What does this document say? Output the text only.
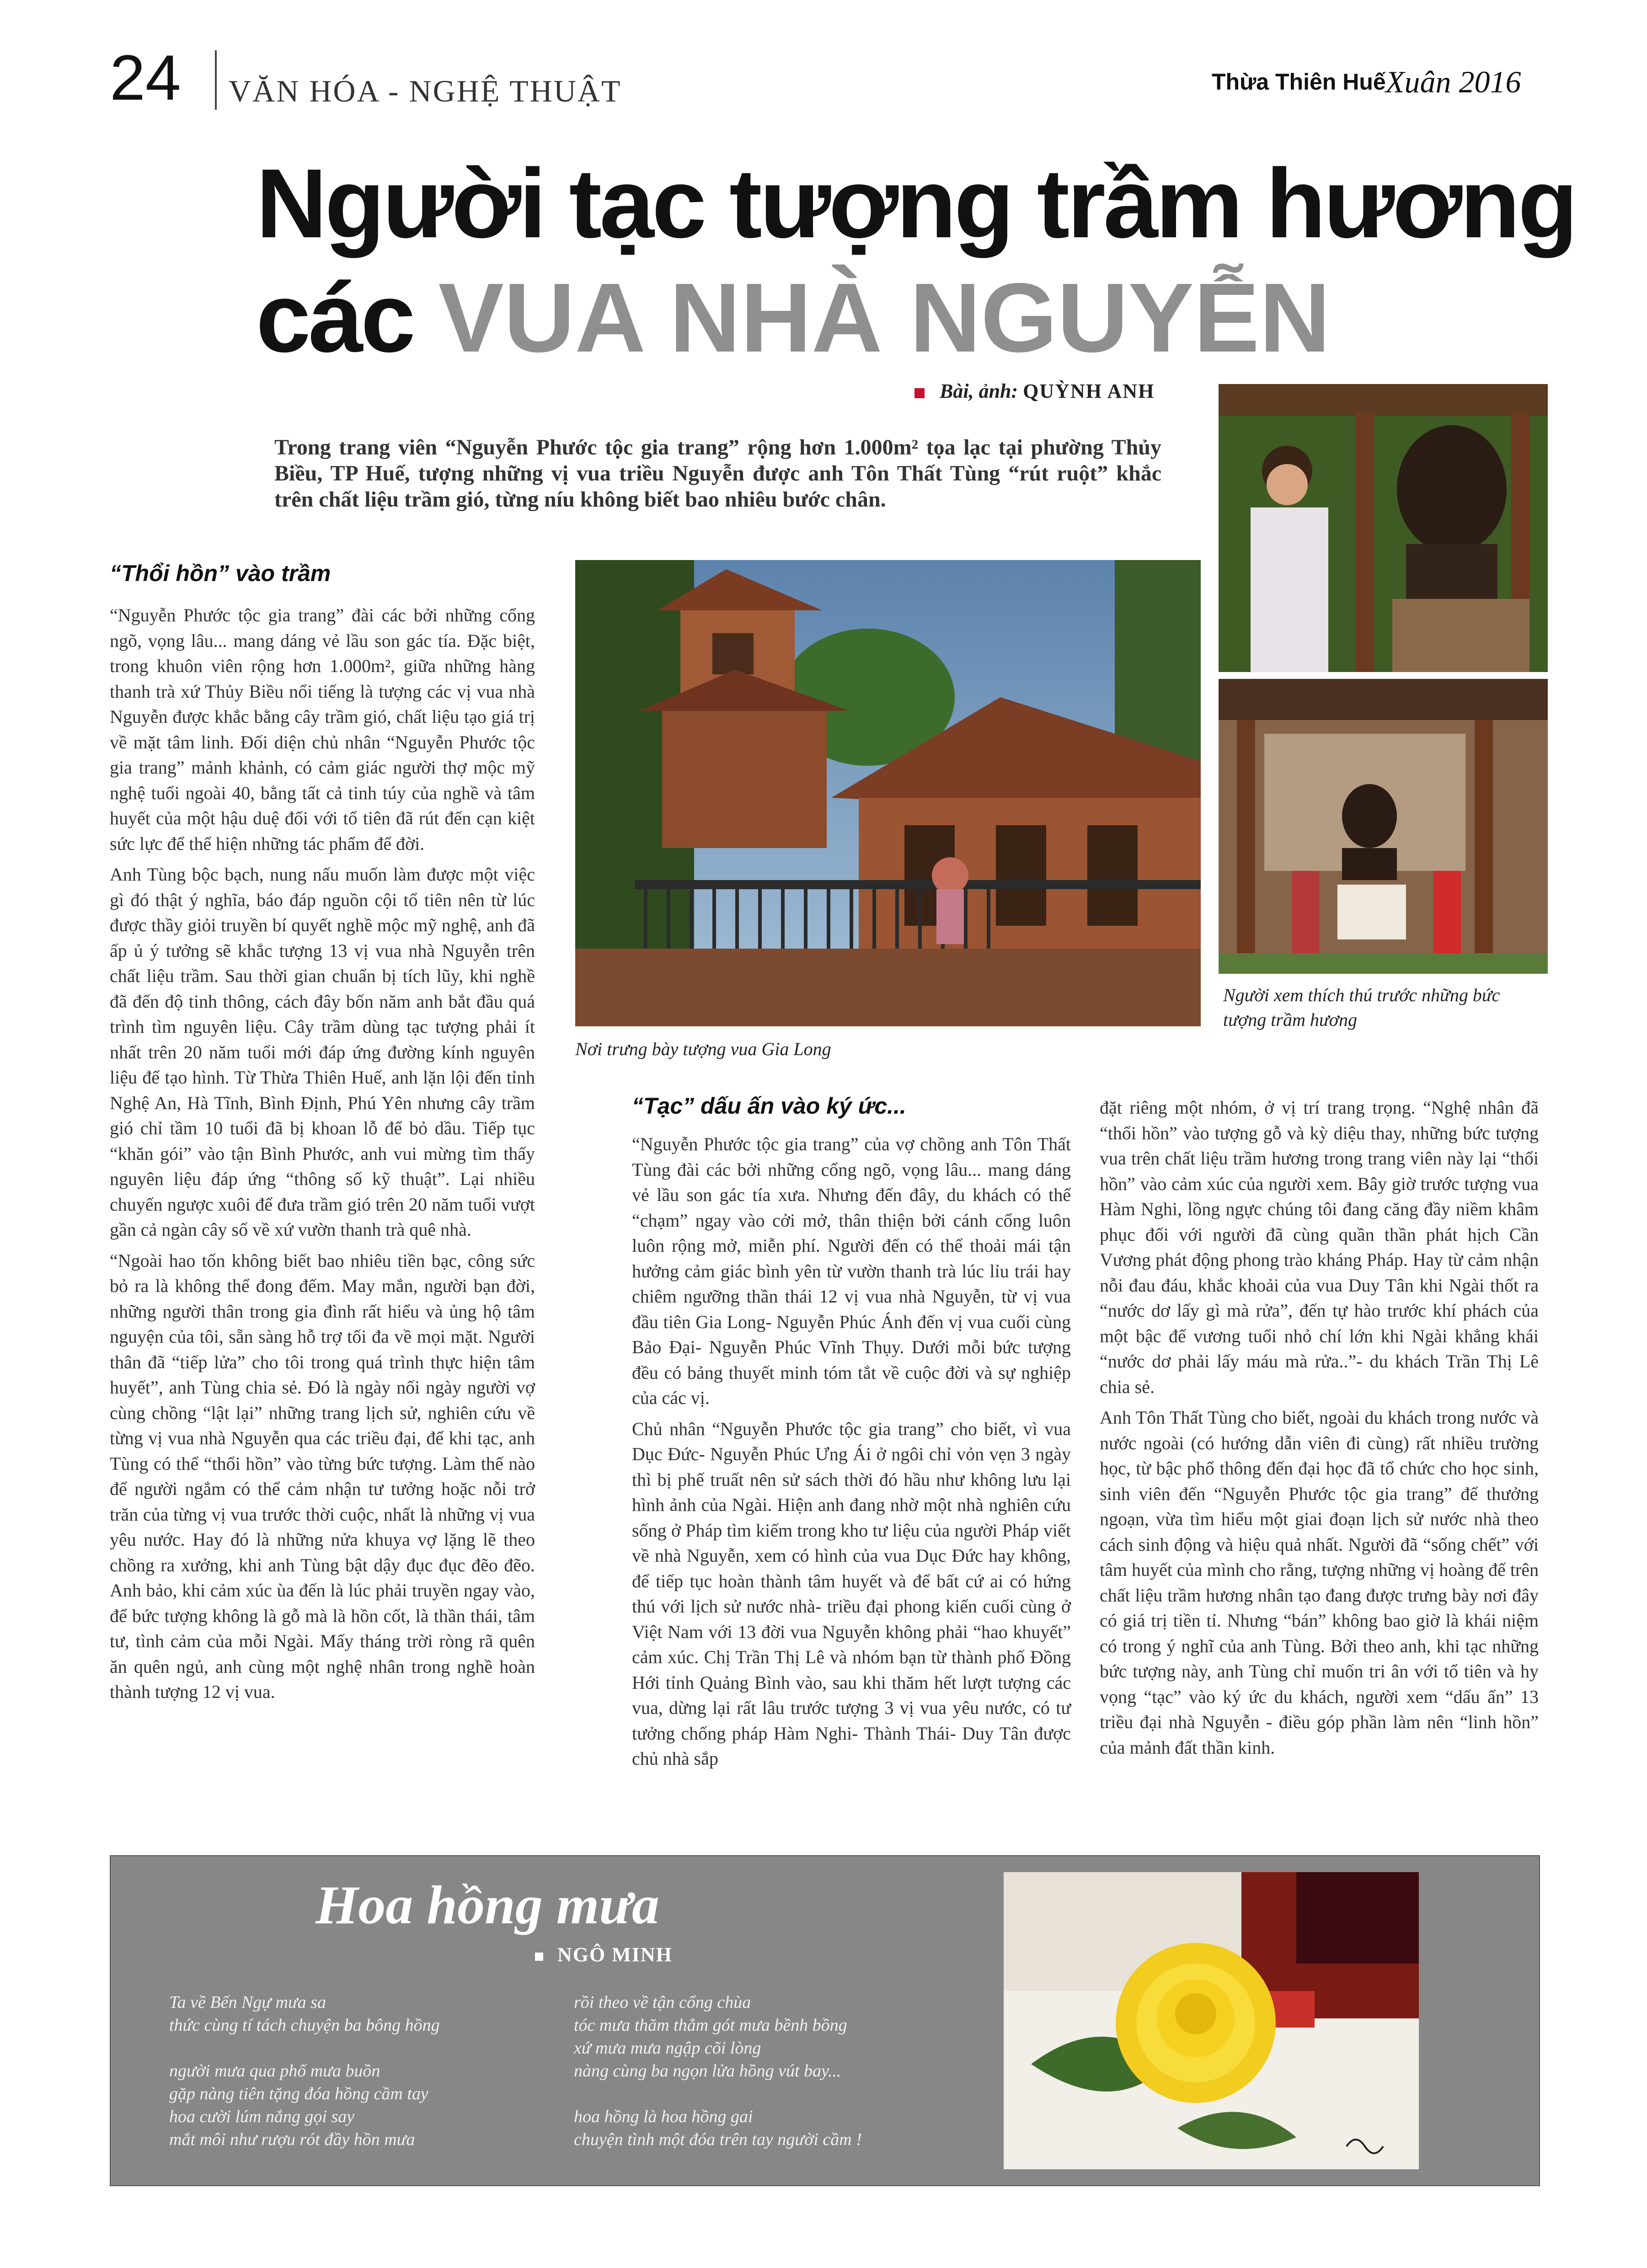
24 VĂN HÓA - NGHỆ THUẬT	Thừa Thiên Huế Xuân 2016
Người tạc tượng trầm hương
các VUA NHÀ NGUYỄN
Bài, ảnh: QUỲNH ANH
Trong trang viên “Nguyễn Phước tộc gia trang” rộng hơn 1.000m² tọa lạc tại phường Thủy Biều, TP Huế, tượng những vị vua triều Nguyễn được anh Tôn Thất Tùng “rút ruột” khắc trên chất liệu trầm gió, từng níu không biết bao nhiêu bước chân.
“Thổi hồn” vào trầm

“Nguyễn Phước tộc gia trang” đài các bởi những cổng ngõ, vọng lâu... mang dáng vẻ lầu son gác tía. Đặc biệt, trong khuôn viên rộng hơn 1.000m², giữa những hàng thanh trà xứ Thủy Biều nổi tiếng là tượng các vị vua nhà Nguyễn được khắc bằng cây trầm gió, chất liệu tạo giá trị về mặt tâm linh. Đối diện chủ nhân “Nguyễn Phước tộc gia trang” mảnh khảnh, có cảm giác người thợ mộc mỹ nghệ tuổi ngoài 40, bằng tất cả tinh túy của nghề và tâm huyết của một hậu duệ đối với tổ tiên đã rút đến cạn kiệt sức lực để thể hiện những tác phẩm để đời.

Anh Tùng bộc bạch, nung nấu muốn làm được một việc gì đó thật ý nghĩa, báo đáp nguồn cội tổ tiên nên từ lúc được thầy giỏi truyền bí quyết nghề mộc mỹ nghệ, anh đã ấp ủ ý tưởng sẽ khắc tượng 13 vị vua nhà Nguyễn trên chất liệu trầm. Sau thời gian chuẩn bị tích lũy, khi nghề đã đến độ tinh thông, cách đây bốn năm anh bắt đầu quá trình tìm nguyên liệu. Cây trầm dùng tạc tượng phải ít nhất trên 20 năm tuổi mới đáp ứng đường kính nguyên liệu để tạo hình. Từ Thừa Thiên Huế, anh lặn lội đến tỉnh Nghệ An, Hà Tĩnh, Bình Định, Phú Yên nhưng cây trầm gió chỉ tầm 10 tuổi đã bị khoan lỗ để bỏ dầu. Tiếp tục “khăn gói” vào tận Bình Phước, anh vui mừng tìm thấy nguyên liệu đáp ứng “thông số kỹ thuật”. Lại nhiều chuyến ngược xuôi để đưa trầm gió trên 20 năm tuổi vượt gần cả ngàn cây số về xứ vườn thanh trà quê nhà.

“Ngoài hao tốn không biết bao nhiêu tiền bạc, công sức bỏ ra là không thể đong đếm. May mắn, người bạn đời, những người thân trong gia đình rất hiểu và ủng hộ tâm nguyện của tôi, sẵn sàng hỗ trợ tối đa về mọi mặt. Người thân đã “tiếp lửa” cho tôi trong quá trình thực hiện tâm huyết”, anh Tùng chia sẻ. Đó là ngày nối ngày người vợ cùng chồng “lật lại” những trang lịch sử, nghiên cứu về từng vị vua nhà Nguyễn qua các triều đại, để khi tạc, anh Tùng có thể “thổi hồn” vào từng bức tượng. Làm thế nào để người ngắm có thể cảm nhận tư tưởng hoặc nỗi trở trăn của từng vị vua trước thời cuộc, nhất là những vị vua yêu nước. Hay đó là những nửa khuya vợ lặng lẽ theo chồng ra xưởng, khi anh Tùng bật dậy đục đục đẽo đẽo. Anh bảo, khi cảm xúc ùa đến là lúc phải truyền ngay vào, để bức tượng không là gỗ mà là hồn cốt, là thần thái, tâm tư, tình cảm của mỗi Ngài. Mấy tháng trời ròng rã quên ăn quên ngủ, anh cùng một nghệ nhân trong nghề hoàn thành tượng 12 vị vua.

Nơi trưng bày tượng vua Gia Long
Người xem thích thú trước những bức tượng trầm hương
“Tạc” dấu ấn vào ký ức...

“Nguyễn Phước tộc gia trang” của vợ chồng anh Tôn Thất Tùng đài các bởi những cổng ngõ, vọng lâu... mang dáng vẻ lầu son gác tía xưa. Nhưng đến đây, du khách có thể “chạm” ngay vào cởi mở, thân thiện bởi cánh cổng luôn luôn rộng mở, miễn phí. Người đến có thể thoải mái tận hưởng cảm giác bình yên từ vườn thanh trà lúc lỉu trái hay chiêm ngưỡng thần thái 12 vị vua nhà Nguyễn, từ vị vua đầu tiên Gia Long- Nguyễn Phúc Ánh đến vị vua cuối cùng Bảo Đại- Nguyễn Phúc Vĩnh Thụy. Dưới mỗi bức tượng đều có bảng thuyết minh tóm tắt về cuộc đời và sự nghiệp của các vị.

Chủ nhân “Nguyễn Phước tộc gia trang” cho biết, vì vua Dục Đức- Nguyễn Phúc Ưng Ái ở ngôi chỉ vỏn vẹn 3 ngày thì bị phế truất nên sử sách thời đó hầu như không lưu lại hình ảnh của Ngài. Hiện anh đang nhờ một nhà nghiên cứu sống ở Pháp tìm kiếm trong kho tư liệu của người Pháp viết về nhà Nguyễn, xem có hình của vua Dục Đức hay không, để tiếp tục hoàn thành tâm huyết và để bất cứ ai có hứng thú với lịch sử nước nhà- triều đại phong kiến cuối cùng ở Việt Nam với 13 đời vua Nguyễn không phải “hao khuyết” cảm xúc. Chị Trần Thị Lê và nhóm bạn từ thành phố Đồng Hới tỉnh Quảng Bình vào, sau khi thăm hết lượt tượng các vua, dừng lại rất lâu trước tượng 3 vị vua yêu nước, có tư tưởng chống pháp Hàm Nghi- Thành Thái- Duy Tân được chủ nhà sắp

đặt riêng một nhóm, ở vị trí trang trọng. “Nghệ nhân đã “thổi hồn” vào tượng gỗ và kỳ diệu thay, những bức tượng vua trên chất liệu trầm hương trong trang viên này lại “thổi hồn” vào cảm xúc của người xem. Bây giờ trước tượng vua Hàm Nghi, lồng ngực chúng tôi đang căng đầy niềm khâm phục đối với người đã cùng quần thần phát hịch Cần Vương phát động phong trào kháng Pháp. Hay từ cảm nhận nỗi đau đáu, khắc khoải của vua Duy Tân khi Ngài thốt ra “nước dơ lấy gì mà rửa”, đến tự hào trước khí phách của một bậc đế vương tuổi nhỏ chí lớn khi Ngài khẳng khái “nước dơ phải lấy máu mà rửa..”- du khách Trần Thị Lê chia sẻ.

Anh Tôn Thất Tùng cho biết, ngoài du khách trong nước và nước ngoài (có hướng dẫn viên đi cùng) rất nhiều trường học, từ bậc phổ thông đến đại học đã tổ chức cho học sinh, sinh viên đến “Nguyễn Phước tộc gia trang” để thưởng ngoạn, vừa tìm hiểu một giai đoạn lịch sử nước nhà theo cách sinh động và hiệu quả nhất. Người đã “sống chết” với tâm huyết của mình cho rằng, tượng những vị hoàng đế trên chất liệu trầm hương nhân tạo đang được trưng bày nơi đây có giá trị tiền tỉ. Nhưng “bán” không bao giờ là khái niệm có trong ý nghĩ của anh Tùng. Bởi theo anh, khi tạc những bức tượng này, anh Tùng chỉ muốn tri ân với tổ tiên và hy vọng “tạc” vào ký ức du khách, người xem “dấu ấn” 13 triều đại nhà Nguyễn - điều góp phần làm nên “linh hồn” của mảnh đất thần kinh.

Hoa hồng mưa
NGÔ MINH
Ta về Bến Ngự mưa sa
thức cùng tí tách chuyện ba bông hồng
người mưa qua phố mưa buồn
gặp nàng tiên tặng đóa hồng cầm tay
hoa cười lúm nắng gọi say
mắt môi như rượu rót đầy hồn mưa
rồi theo về tận cổng chùa
tóc mưa thăm thẳm gót mưa bềnh bồng
xứ mưa mưa ngập cõi lòng
nàng cùng ba ngọn lửa hồng vút bay...
hoa hồng là hoa hồng gai
chuyện tình một đóa trên tay người cầm !
